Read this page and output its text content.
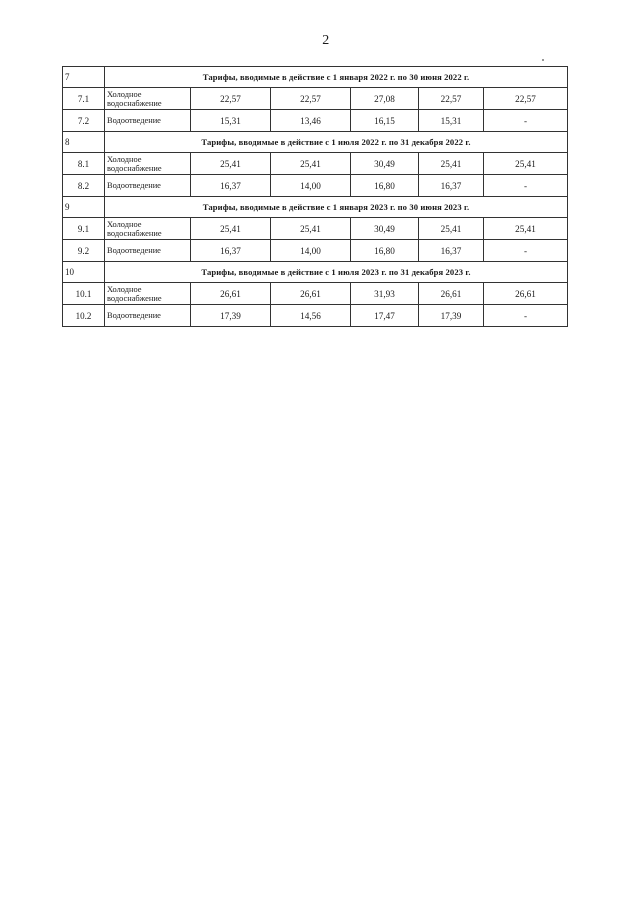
2
7	Тарифы, вводимые в действие с 1 января 2022 г. по 30 июня 2022 г.					
7.1	Холодное водоснабжение	22,57	22,57	27,08	22,57	22,57
7.2	Водоотведение	15,31	13,46	16,15	15,31	-
8	Тарифы, вводимые в действие с 1 июля 2022 г. по 31 декабря 2022 г.					
8.1	Холодное водоснабжение	25,41	25,41	30,49	25,41	25,41
8.2	Водоотведение	16,37	14,00	16,80	16,37	-
9	Тарифы, вводимые в действие с 1 января 2023 г. по 30 июня 2023 г.					
9.1	Холодное водоснабжение	25,41	25,41	30,49	25,41	25,41
9.2	Водоотведение	16,37	14,00	16,80	16,37	-
10	Тарифы, вводимые в действие с 1 июля 2023 г. по 31 декабря 2023 г.					
10.1	Холодное водоснабжение	26,61	26,61	31,93	26,61	26,61
10.2	Водоотведение	17,39	14,56	17,47	17,39	-
